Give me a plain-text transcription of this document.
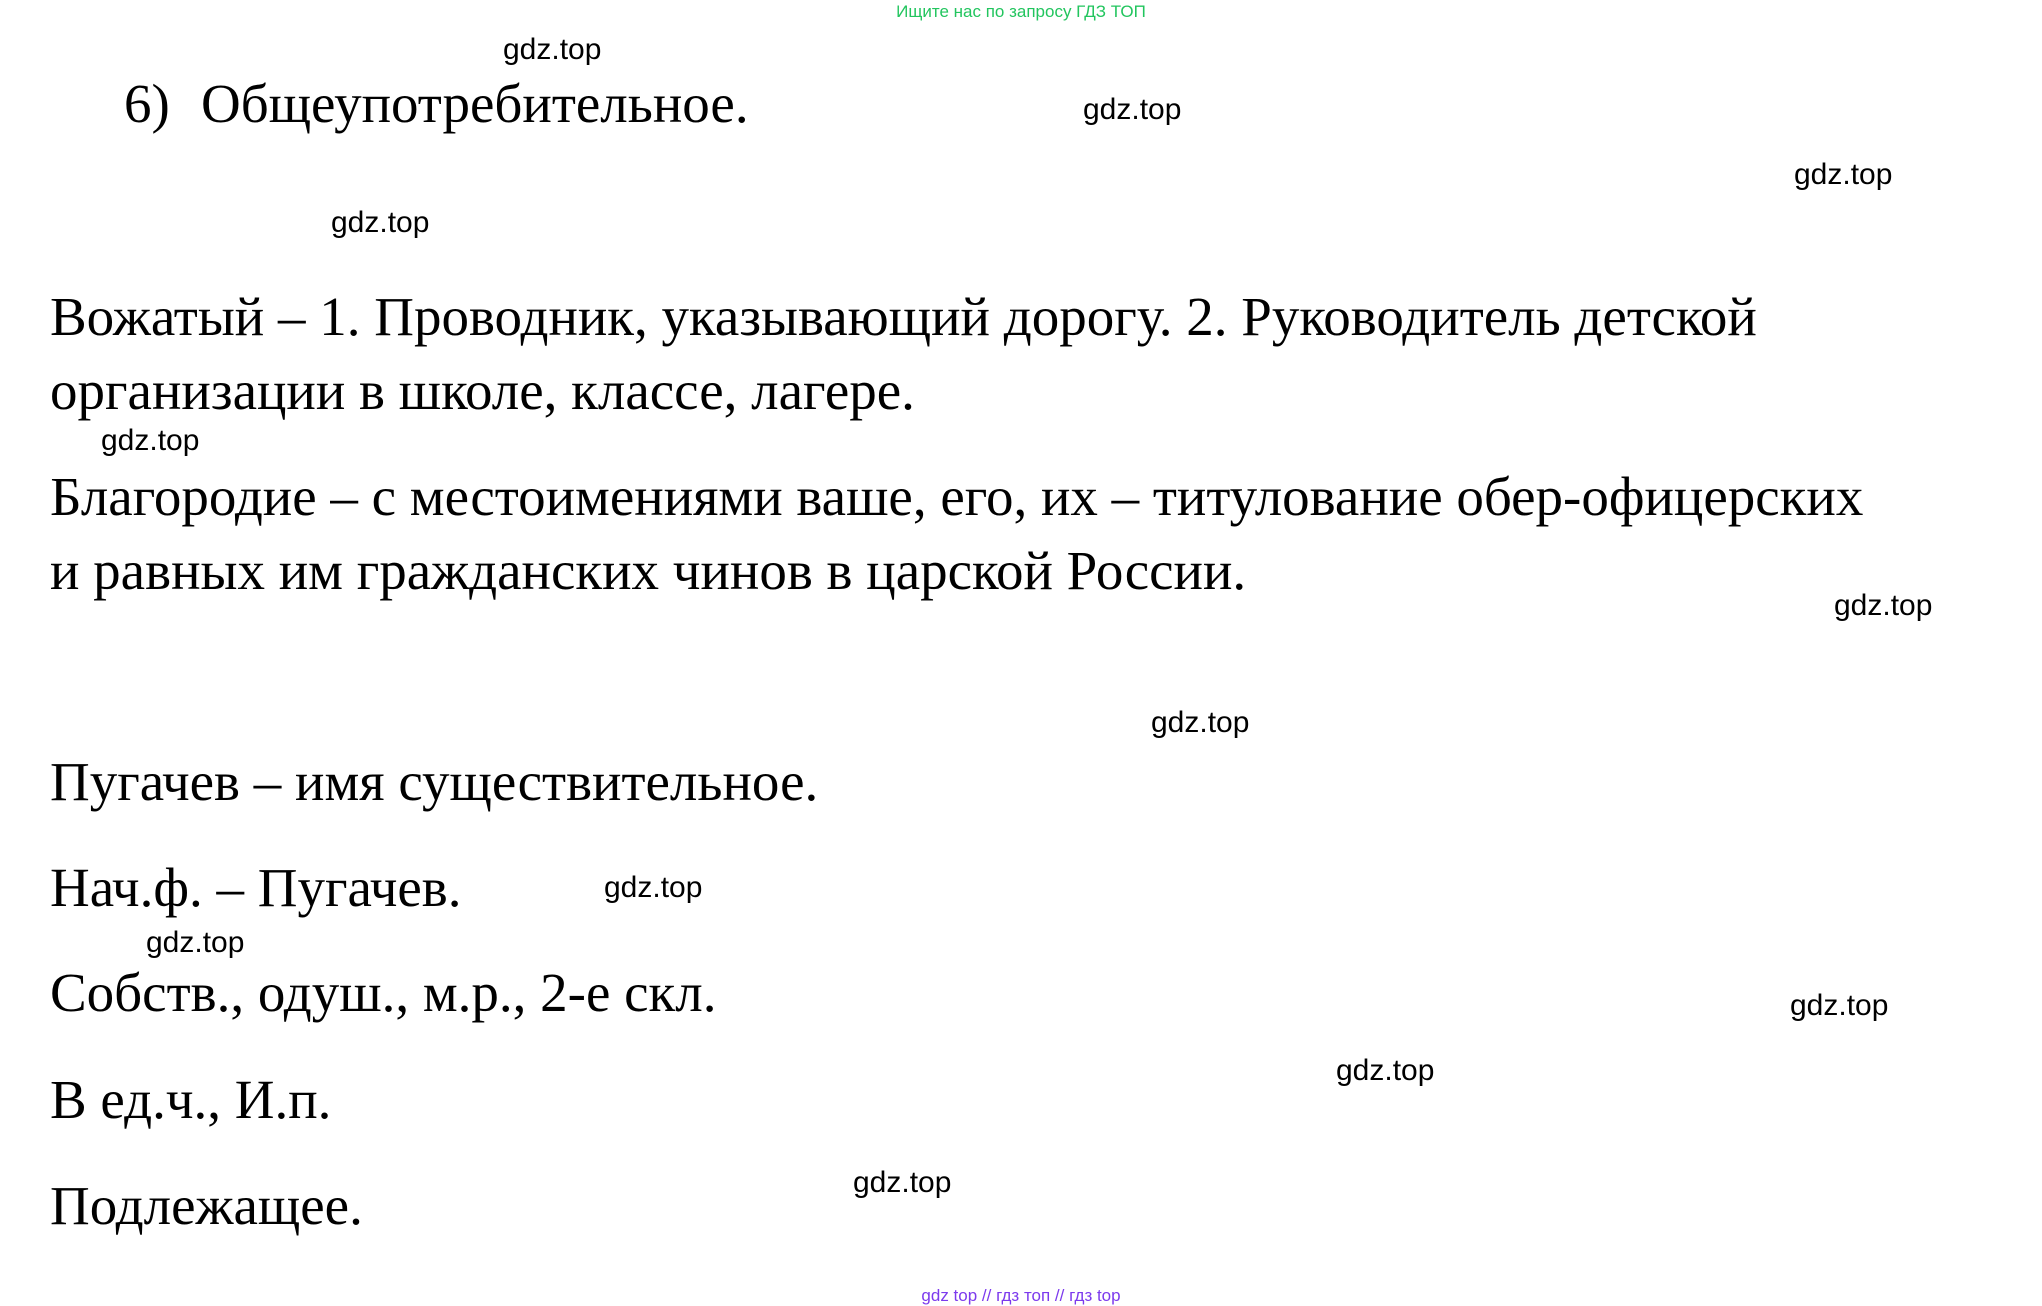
Ищите нас по запросу ГДЗ ТОП
6) Общеупотребительное.
Вожатый – 1. Проводник, указывающий дорогу. 2. Руководитель детской
организации в школе, классе, лагере.
Благородие – с местоимениями ваше, его, их – титулование обер-офицерских
и равных им гражданских чинов в царской России.
Пугачев – имя существительное.
Нач.ф. – Пугачев.
Собств., одуш., м.р., 2-е скл.
В ед.ч., И.п.
Подлежащее.
gdz.top
gdz.top
gdz.top
gdz.top
gdz.top
gdz.top
gdz.top
gdz.top
gdz.top
gdz.top
gdz.top
gdz.top
gdz top // гдз топ // гдз top
